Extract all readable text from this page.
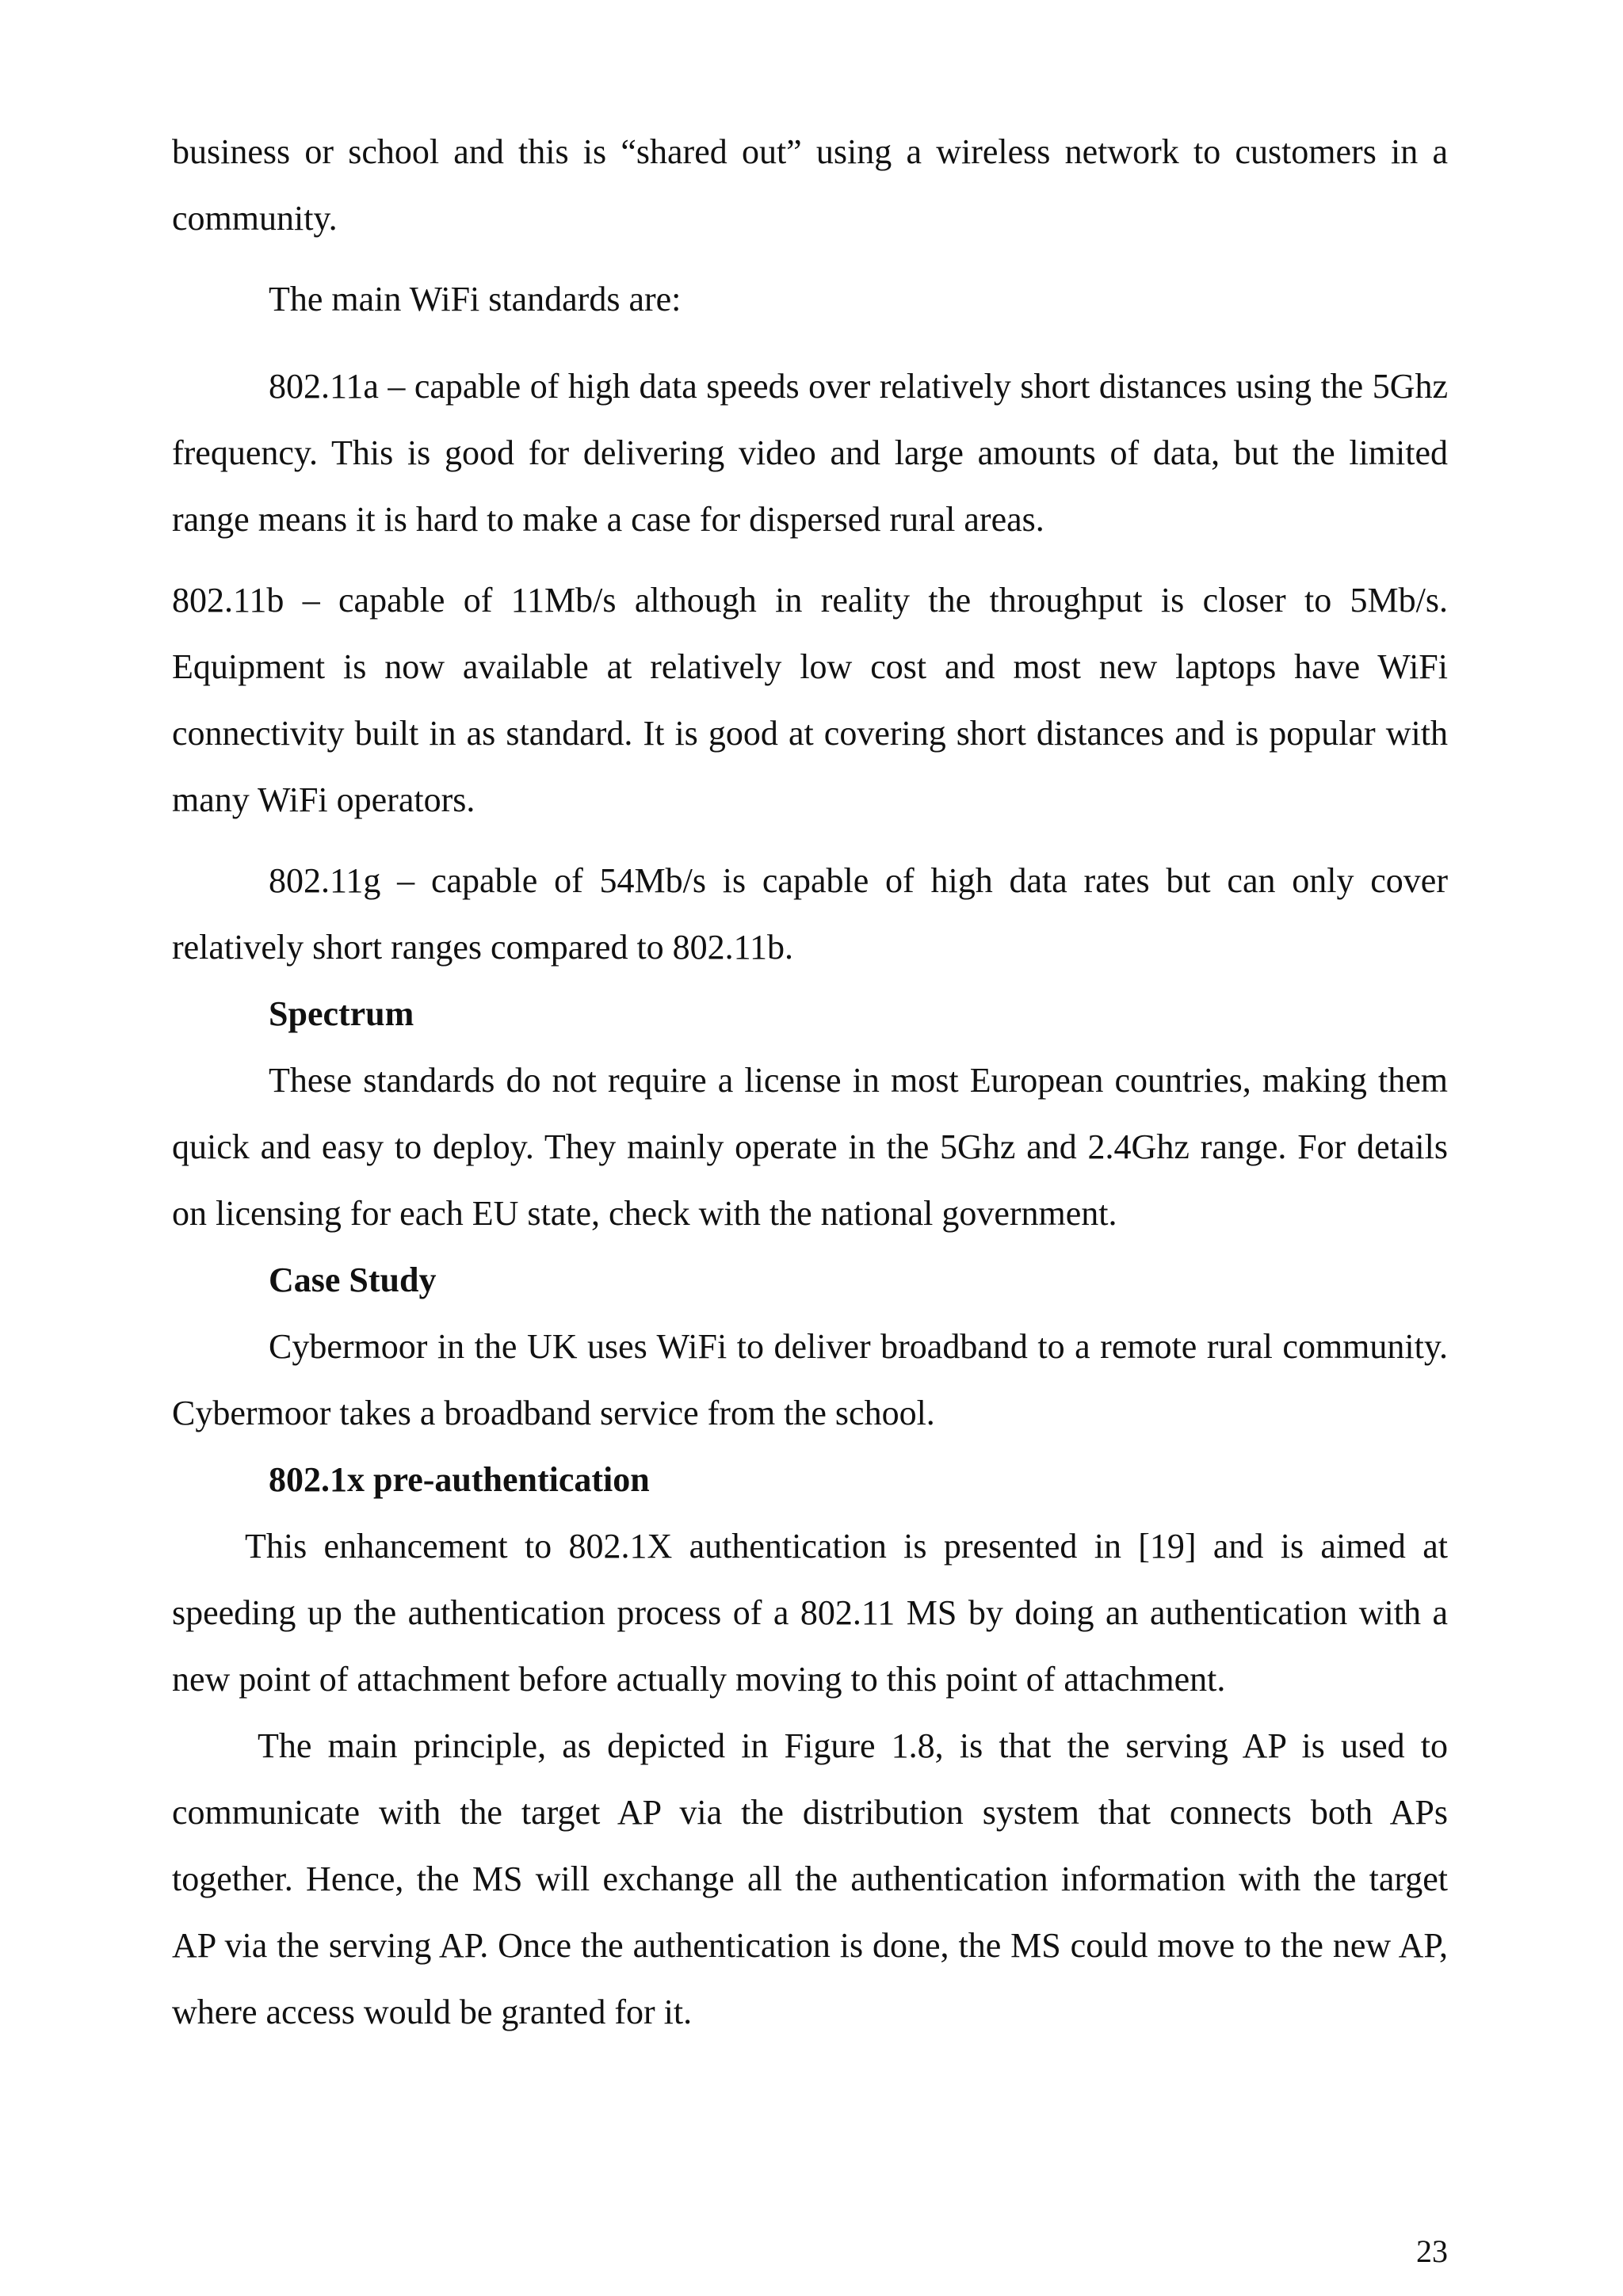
business or school and this is “shared out” using a wireless network to customers in a community.

The main WiFi standards are:

802.11a – capable of high data speeds over relatively short distances using the 5Ghz frequency. This is good for delivering video and large amounts of data, but the limited range means it is hard to make a case for dispersed rural areas.

802.11b – capable of 11Mb/s although in reality the throughput is closer to 5Mb/s. Equipment is now available at relatively low cost and most new laptops have WiFi connectivity built in as standard. It is good at covering short distances and is popular with many WiFi operators.

802.11g – capable of 54Mb/s is capable of high data rates but can only cover relatively short ranges compared to 802.11b.

Spectrum

These standards do not require a license in most European countries, making them quick and easy to deploy. They mainly operate in the 5Ghz and 2.4Ghz range. For details on licensing for each EU state, check with the national government.

Case Study

Cybermoor in the UK uses WiFi to deliver broadband to a remote rural community. Cybermoor takes a broadband service from the school.

802.1x pre-authentication

This enhancement to 802.1X authentication is presented in [19] and is aimed at speeding up the authentication process of a 802.11 MS by doing an authentication with a new point of attachment before actually moving to this point of attachment.

The main principle, as depicted in Figure 1.8, is that the serving AP is used to communicate with the target AP via the distribution system that connects both APs together. Hence, the MS will exchange all the authentication information with the target AP via the serving AP. Once the authentication is done, the MS could move to the new AP, where access would be granted for it.

23
